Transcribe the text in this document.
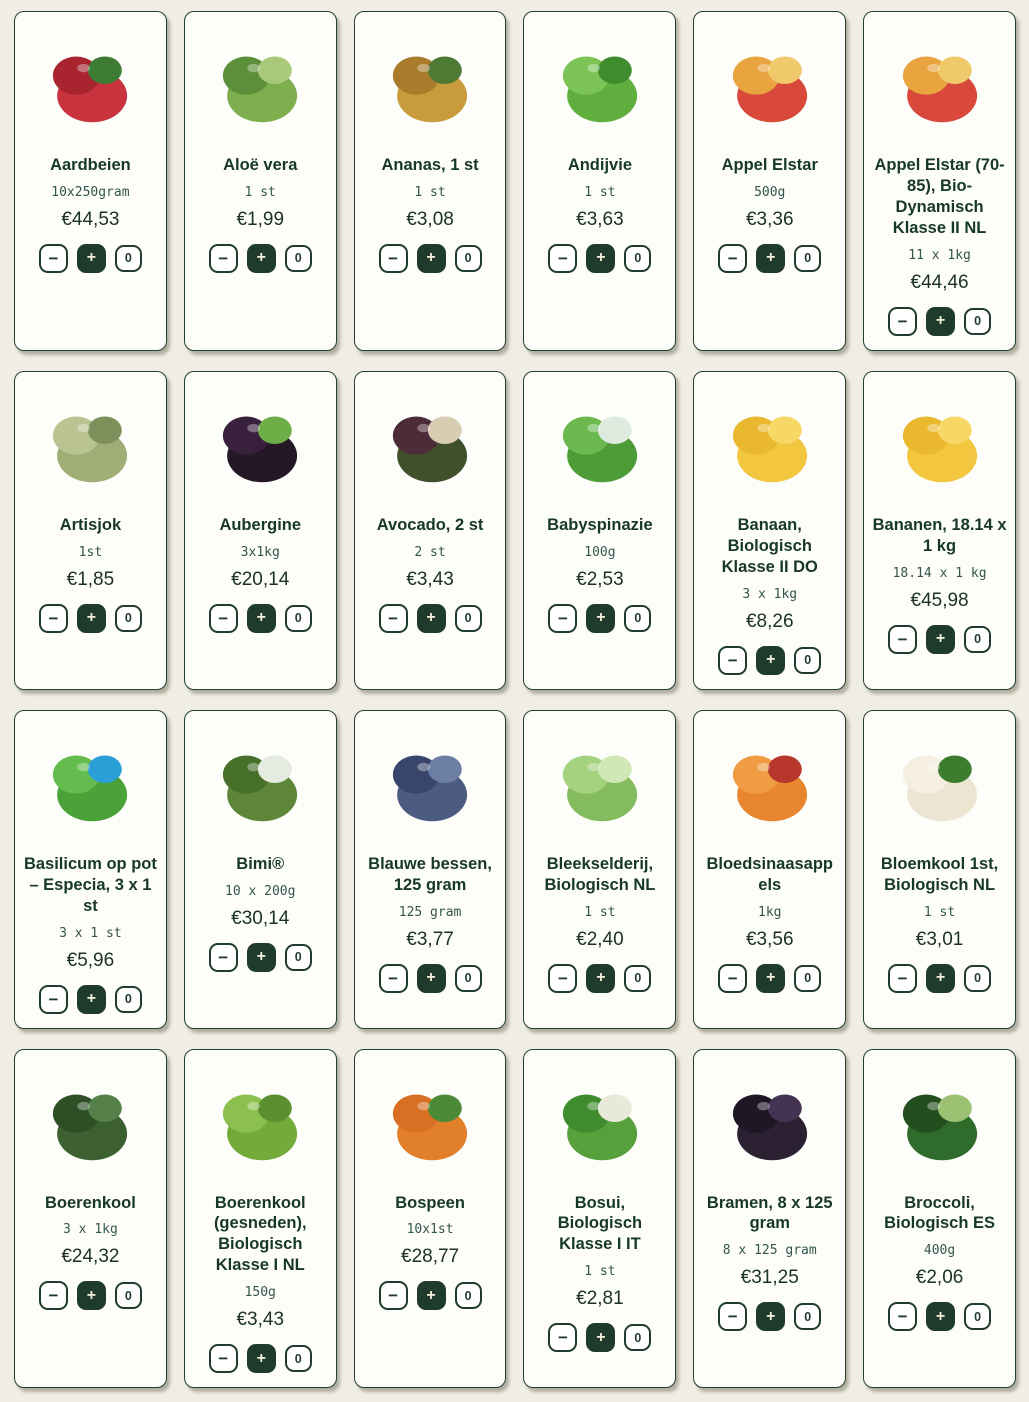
Aardbeien
10x250gram
€44,53
− +	0
Aloë vera
1 st
€1,99
− +	0
Ananas, 1 st
1 st
€3,08
− +	0
Andijvie
1 st
€3,63
− +	0
Appel Elstar
500g
€3,36
− +	0
Appel Elstar (70-85), Bio-Dynamisch Klasse II NL
11 x 1kg
€44,46
− +	0
Artisjok
1st
€1,85
− +	0
Aubergine
3x1kg
€20,14
− +	0
Avocado, 2 st
2 st
€3,43
− +	0
Babyspinazie
100g
€2,53
− +	0
Banaan, Biologisch Klasse II DO
3 x 1kg
€8,26
− +	0
Bananen, 18.14 x 1 kg
18.14 x 1 kg
€45,98
− +	0
Basilicum op pot – Especia, 3 x 1 st
3 x 1 st
€5,96
− +	0
Bimi®
10 x 200g
€30,14
− +	0
Blauwe bessen, 125 gram
125 gram
€3,77
− +	0
Bleekselderij, Biologisch NL
1 st
€2,40
− +	0
Bloedsinaasappels
1kg
€3,56
− +	0
Bloemkool 1st, Biologisch NL
1 st
€3,01
− +	0
Boerenkool
3 x 1kg
€24,32
− +	0
Boerenkool (gesneden), Biologisch Klasse I NL
150g
€3,43
− +	0
Bospeen
10x1st
€28,77
− +	0
Bosui, Biologisch Klasse I IT
1 st
€2,81
− +	0
Bramen, 8 x 125 gram
8 x 125 gram
€31,25
− +	0
Broccoli, Biologisch ES
400g
€2,06
− +	0
